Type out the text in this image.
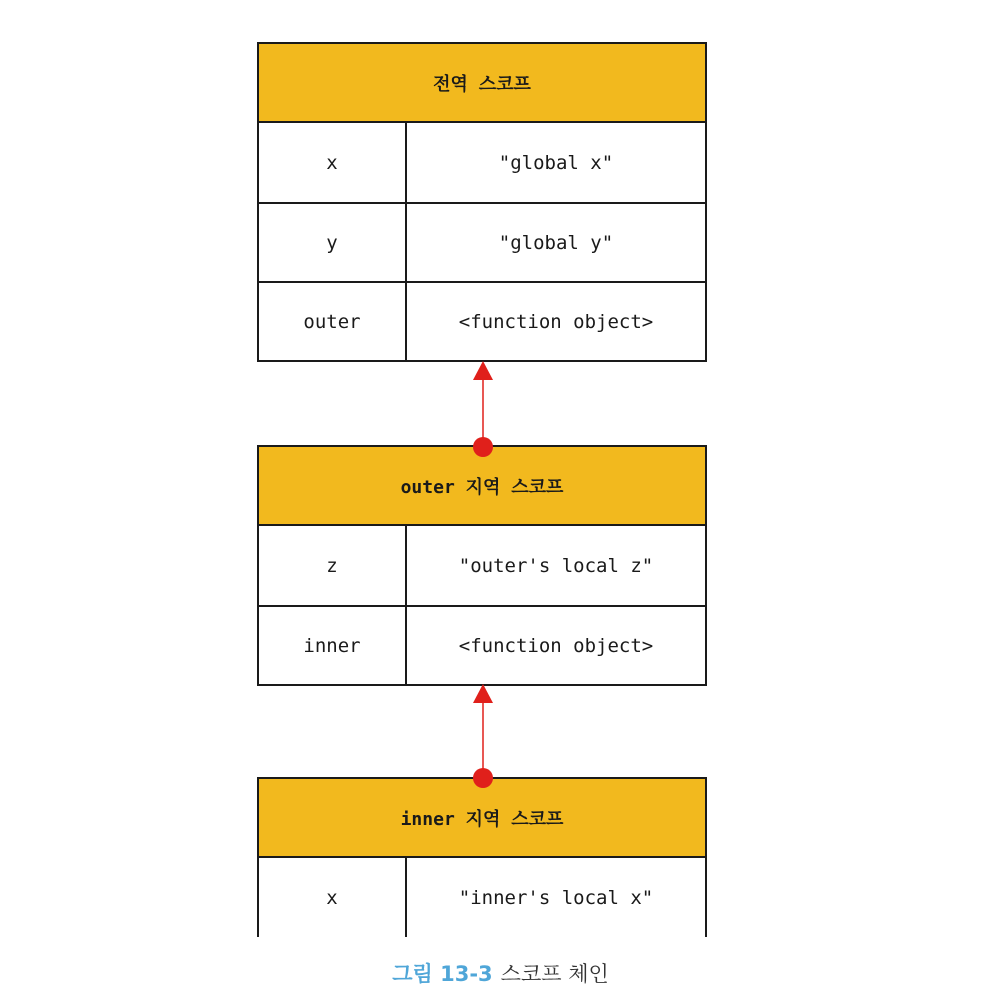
전역 스코프
x	"global x"
y	"global y"
outer	<function object>
outer 지역 스코프
z	"outer's local z"
inner	<function object>
inner 지역 스코프
x	"inner's local x"
그림 13-3 스코프 체인
